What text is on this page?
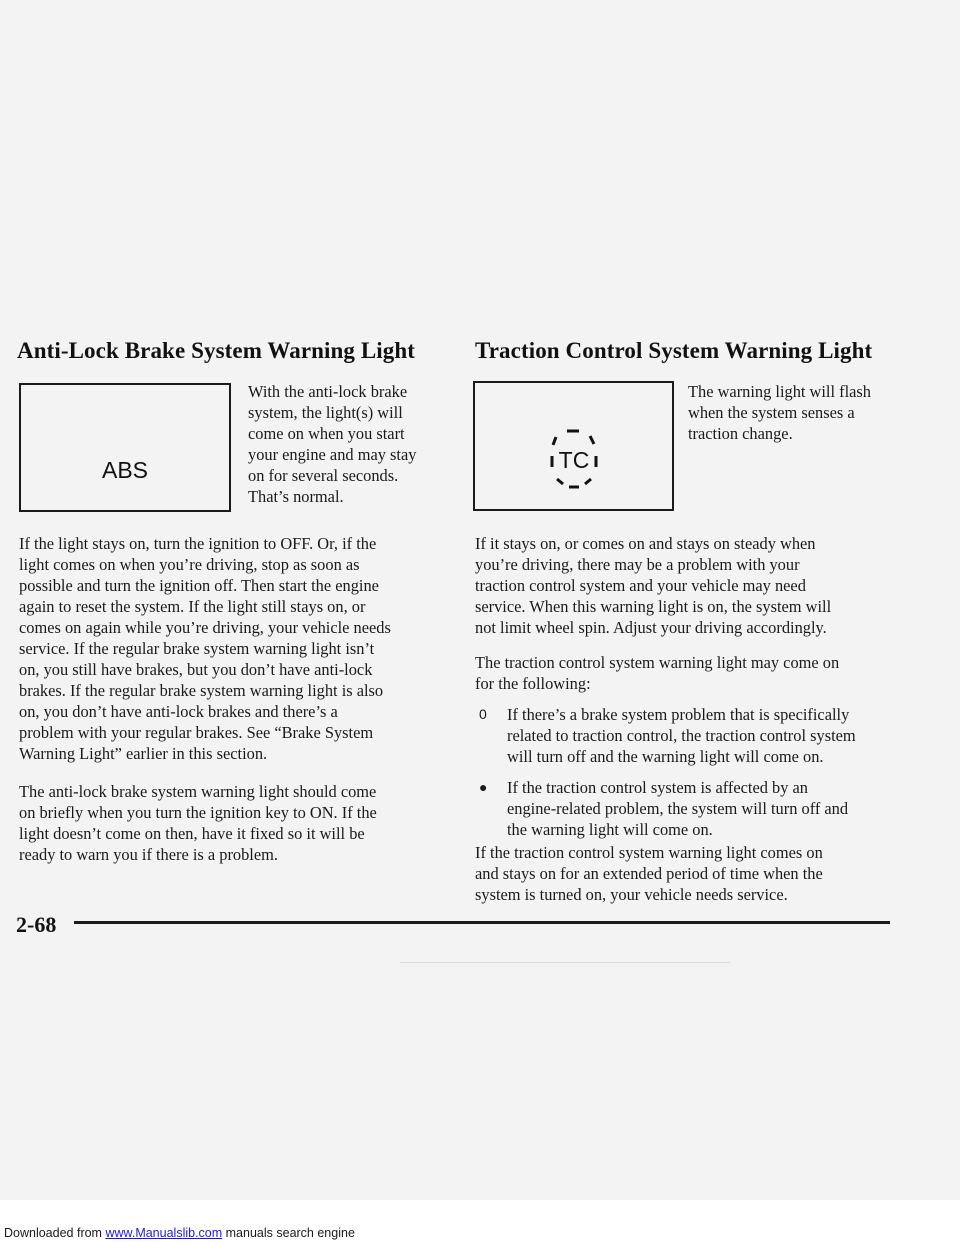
Anti-Lock Brake System Warning Light
ABS

With the anti-lock brake
system, the light(s) will
come on when you start
your engine and may stay
on for several seconds.
That’s normal.

If the light stays on, turn the ignition to OFF. Or, if the
light comes on when you’re driving, stop as soon as
possible and turn the ignition off. Then start the engine
again to reset the system. If the light still stays on, or
comes on again while you’re driving, your vehicle needs
service. If the regular brake system warning light isn’t
on, you still have brakes, but you don’t have anti-lock
brakes. If the regular brake system warning light is also
on, you don’t have anti-lock brakes and there’s a
problem with your regular brakes. See “Brake System
Warning Light” earlier in this section.

The anti-lock brake system warning light should come
on briefly when you turn the ignition key to ON. If the
light doesn’t come on then, have it fixed so it will be
ready to warn you if there is a problem.

Traction Control System Warning Light
TC

The warning light will flash
when the system senses a
traction change.

If it stays on, or comes on and stays on steady when
you’re driving, there may be a problem with your
traction control system and your vehicle may need
service. When this warning light is on, the system will
not limit wheel spin. Adjust your driving accordingly.

The traction control system warning light may come on
for the following:

0 If there’s a brake system problem that is specifically
related to traction control, the traction control system
will turn off and the warning light will come on.

● If the traction control system is affected by an
engine-related problem, the system will turn off and
the warning light will come on.

If the traction control system warning light comes on
and stays on for an extended period of time when the
system is turned on, your vehicle needs service.

2-68

Downloaded from www.Manualslib.com manuals search engine	carmanualsonline.info
